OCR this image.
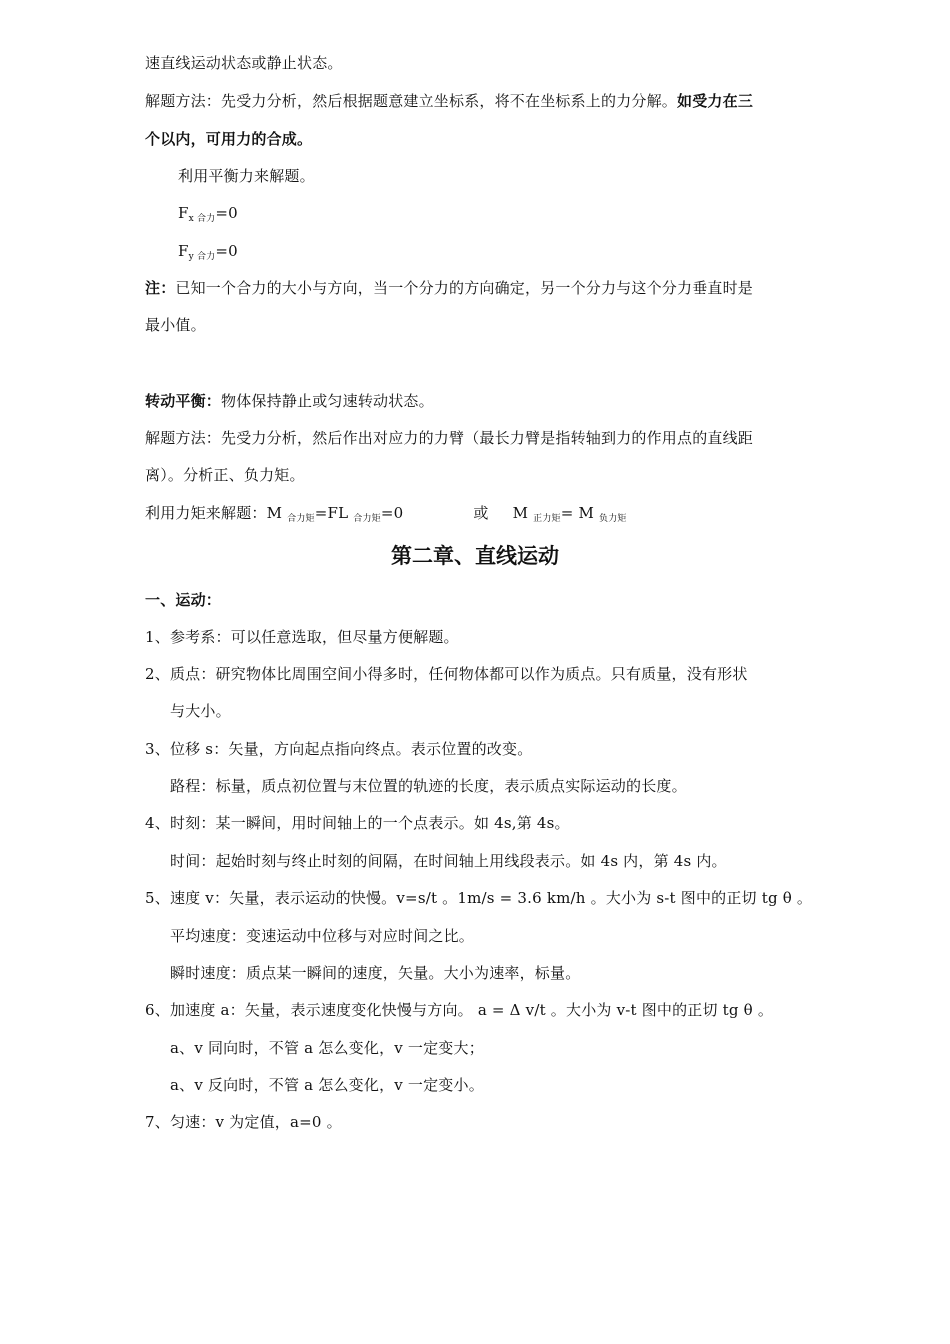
速直线运动状态或静止状态。
解题方法：先受力分析，然后根据题意建立坐标系，将不在坐标系上的力分解。如受力在三
个以内，可用力的合成。
利用平衡力来解题。
$F_{x 合力}=0$
$F_{y 合力}=0$
注：已知一个合力的大小与方向，当一个分力的方向确定，另一个分力与这个分力垂直时是
最小值。
转动平衡：物体保持静止或匀速转动状态。
解题方法：先受力分析，然后作出对应力的力臂（最长力臂是指转轴到力的作用点的直线距
离）。分析正、负力矩。
利用力矩来解题：M $_{合力矩}$=FL $_{合力矩}$=0	或 M $_{正力矩}$= M $_{负力矩}$
第二章、直线运动
一、运动：
1、参考系：可以任意选取，但尽量方便解题。
2、质点：研究物体比周围空间小得多时，任何物体都可以作为质点。只有质量，没有形状
与大小。
3、位移 s：矢量，方向起点指向终点。表示位置的改变。
路程：标量，质点初位置与末位置的轨迹的长度，表示质点实际运动的长度。
4、时刻：某一瞬间，用时间轴上的一个点表示。如 4s,第 4s。
时间：起始时刻与终止时刻的间隔，在时间轴上用线段表示。如 4s 内，第 4s 内。
5、速度 v：矢量，表示运动的快慢。v=s/t 。1m/s = 3.6 km/h 。大小为 s-t 图中的正切 tg θ 。
平均速度：变速运动中位移与对应时间之比。
瞬时速度：质点某一瞬间的速度，矢量。大小为速率，标量。
6、加速度 a：矢量，表示速度变化快慢与方向。 a = Δ v/t 。大小为 v-t 图中的正切 tg θ 。
a、v 同向时，不管 a 怎么变化，v 一定变大；
a、v 反向时，不管 a 怎么变化，v 一定变小。
7、匀速：v 为定值，a=0 。
